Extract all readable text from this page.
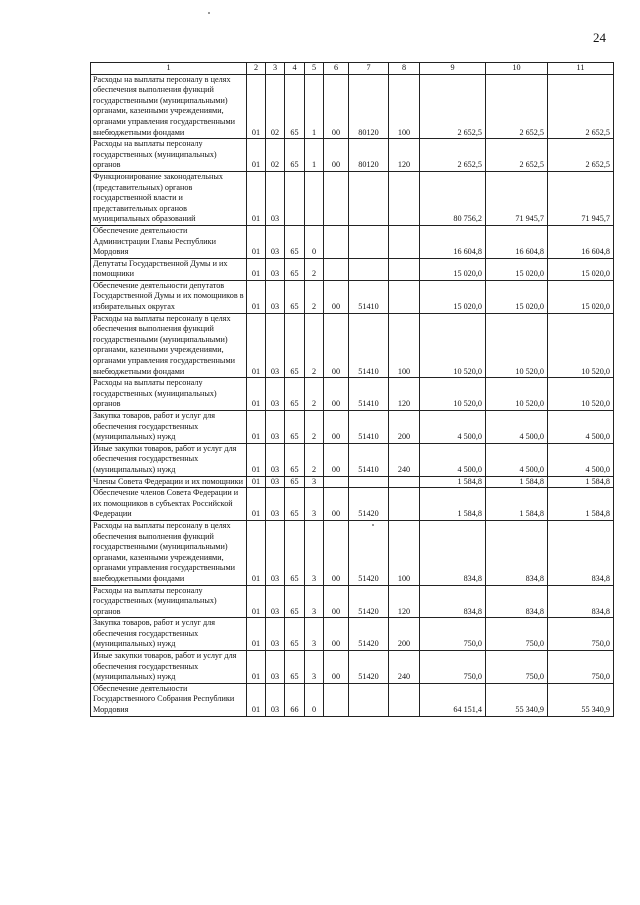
24
1	2	3	4	5	6	7	8	9	10	11
Расходы на выплаты персоналу в целях обеспечения выполнения функций государственными (муниципальными) органами, казенными учреждениями, органами управления государственными внебюджетными фондами	01	02	65	1	00	80120	100	2 652,5	2 652,5	2 652,5
Расходы на выплаты персоналу государственных (муниципальных) органов	01	02	65	1	00	80120	120	2 652,5	2 652,5	2 652,5
Функционирование законодательных (представительных) органов государственной власти и представительных органов муниципальных образований	01	03						80 756,2	71 945,7	71 945,7
Обеспечение деятельности Администрации Главы Республики Мордовия	01	03	65	0				16 604,8	16 604,8	16 604,8
Депутаты Государственной Думы и их помощники	01	03	65	2				15 020,0	15 020,0	15 020,0
Обеспечение деятельности депутатов Государственной Думы и их помощников в избирательных округах	01	03	65	2	00	51410		15 020,0	15 020,0	15 020,0
Расходы на выплаты персоналу в целях обеспечения выполнения функций государственными (муниципальными) органами, казенными учреждениями, органами управления государственными внебюджетными фондами	01	03	65	2	00	51410	100	10 520,0	10 520,0	10 520,0
Расходы на выплаты персоналу государственных (муниципальных) органов	01	03	65	2	00	51410	120	10 520,0	10 520,0	10 520,0
Закупка товаров, работ и услуг для обеспечения государственных (муниципальных) нужд	01	03	65	2	00	51410	200	4 500,0	4 500,0	4 500,0
Иные закупки товаров, работ и услуг для обеспечения государственных (муниципальных) нужд	01	03	65	2	00	51410	240	4 500,0	4 500,0	4 500,0
Члены Совета Федерации и их помощники	01	03	65	3				1 584,8	1 584,8	1 584,8
Обеспечение членов Совета Федерации и их помощников в субъектах Российской Федерации	01	03	65	3	00	51420		1 584,8	1 584,8	1 584,8
Расходы на выплаты персоналу в целях обеспечения выполнения функций государственными (муниципальными) органами, казенными учреждениями, органами управления государственными внебюджетными фондами	01	03	65	3	00	51420	100	834,8	834,8	834,8
Расходы на выплаты персоналу государственных (муниципальных) органов	01	03	65	3	00	51420	120	834,8	834,8	834,8
Закупка товаров, работ и услуг для обеспечения государственных (муниципальных) нужд	01	03	65	3	00	51420	200	750,0	750,0	750,0
Иные закупки товаров, работ и услуг для обеспечения государственных (муниципальных) нужд	01	03	65	3	00	51420	240	750,0	750,0	750,0
Обеспечение деятельности Государственного Собрания Республики Мордовия	01	03	66	0				64 151,4	55 340,9	55 340,9
